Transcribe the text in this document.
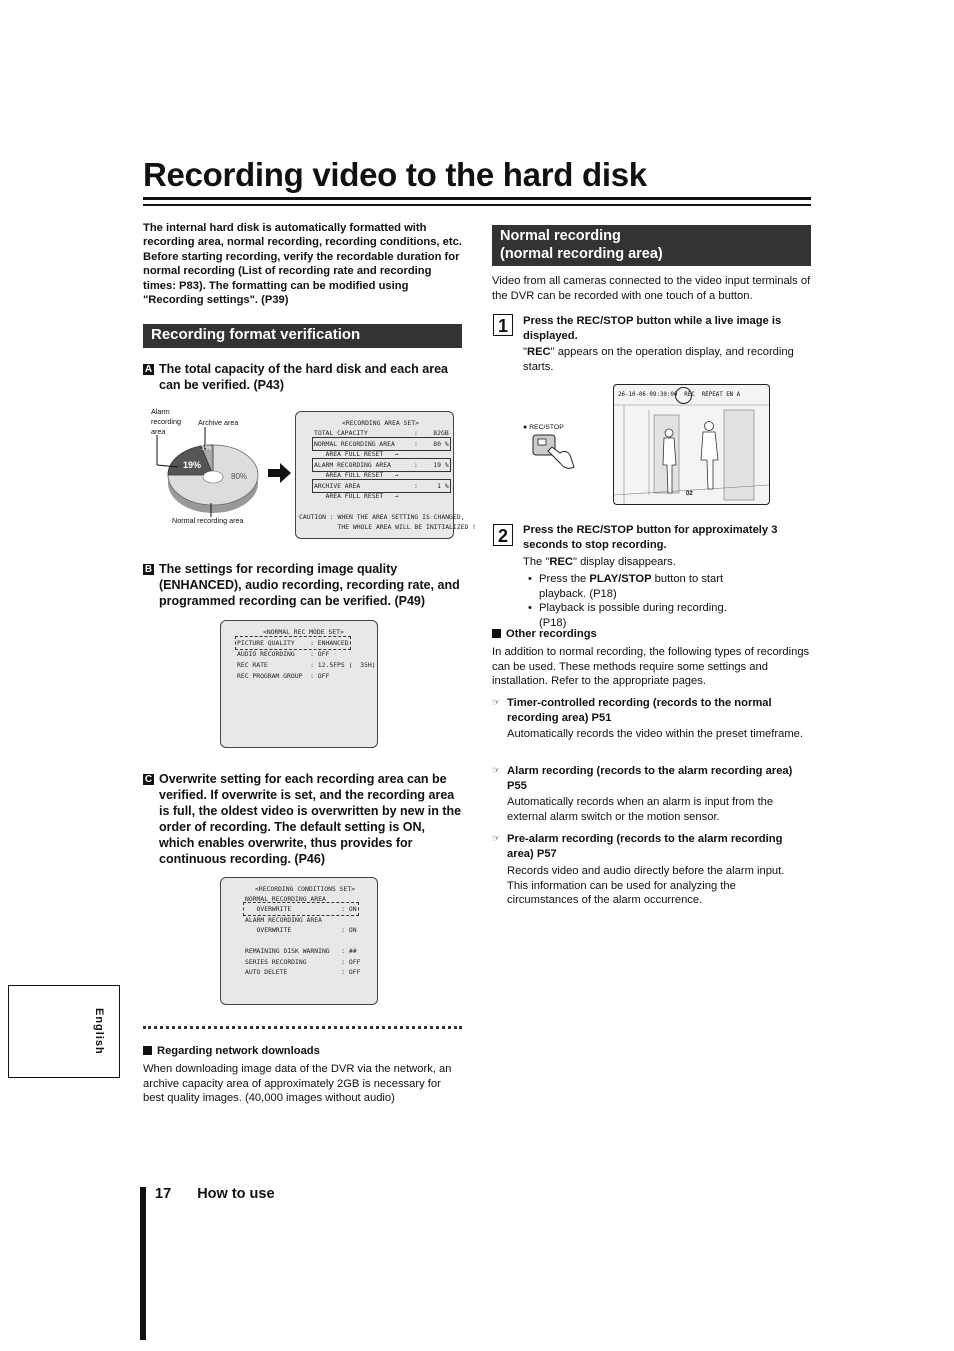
Recording video to the hard disk
The internal hard disk is automatically formatted with recording area, normal recording, recording conditions, etc. Before starting recording, verify the recordable duration for normal recording (List of recording rate and recording times: P83). The formatting can be modified using "Recording settings". (P39)
Recording format verification
A The total capacity of the hard disk and each area can be verified. (P43)
19%
1%
80%
Alarm recording area
Archive area
Normal recording area
<RECORDING AREA SET>
TOTAL CAPACITY            :    82GB
NORMAL RECORDING AREA     :    80 %
AREA FULL RESET   →
ALARM RECORDING AREA      :    19 %
AREA FULL RESET   →
ARCHIVE AREA              :     1 %
AREA FULL RESET   →
CAUTION : WHEN THE AREA SETTING IS CHANGED,
THE WHOLE AREA WILL BE INITIALIZED !
B The settings for recording image quality (ENHANCED), audio recording, recording rate, and programmed recording can be verified. (P49)
<NORMAL REC MODE SET>
PICTURE QUALITY    : ENHANCED
AUDIO RECORDING    : OFF
REC RATE           : 12.5FPS (  35H)
REC PROGRAM GROUP  : OFF
C Overwrite setting for each recording area can be verified. If overwrite is set, and the recording area is full, the oldest video is overwritten by new in the order of recording. The default setting is ON, which enables overwrite, thus provides for continuous recording. (P46)
<RECORDING CONDITIONS SET>
NORMAL RECORDING AREA
OVERWRITE             : ON
ALARM RECORDING AREA
OVERWRITE             : ON
REMAINING DISK WARNING   : ##
SERIES RECORDING         : OFF
AUTO DELETE              : OFF
Regarding network downloads
When downloading image data of the DVR via the network, an archive capacity area of approximately 2GB is necessary for best quality images. (40,000 images without audio)
Normal recording
(normal recording area)
Video from all cameras connected to the video input terminals of the DVR can be recorded with one touch of a button.
1	Press the REC/STOP button while a live image is displayed.
"REC" appears on the operation display, and recording starts.
● REC/STOP
26-10-06 09:30:00  REC  REPEAT EN A
02
2	Press the REC/STOP button for approximately 3 seconds to stop recording.
The "REC" display disappears.
• Press the PLAY/STOP button to start playback. (P18)
• Playback is possible during recording. (P18)
Other recordings
In addition to normal recording, the following types of recordings can be used. These methods require some settings and installation. Refer to the appropriate pages.
☞ Timer-controlled recording (records to the normal recording area) P51
Automatically records the video within the preset timeframe.
☞ Alarm recording (records to the alarm recording area) P55
Automatically records when an alarm is input from the external alarm switch or the motion sensor.
☞ Pre-alarm recording (records to the alarm recording area) P57
Records video and audio directly before the alarm input. This information can be used for analyzing the circumstances of the alarm occurrence.
English
17 How to use
